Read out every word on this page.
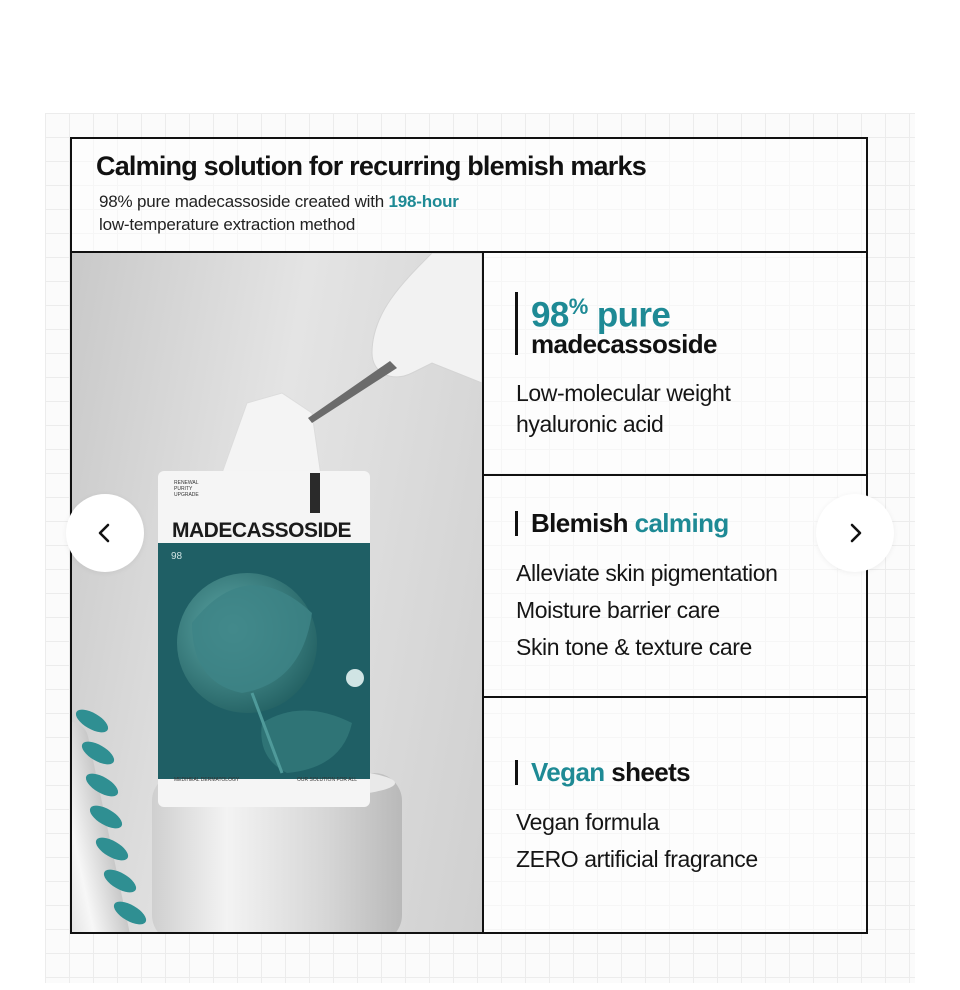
Calming solution for recurring blemish marks

98% pure madecassoside created with 198-hour
low-temperature extraction method

MADECASSOSIDE
RENEWAL PURITY UPGRADE
98
MEDIHEAL DERMATOLOGY	OUR SOLUTION FOR ALL
98% pure
madecassoside
Low-molecular weight
hyaluronic acid
Blemish calming
Alleviate skin pigmentation
Moisture barrier care
Skin tone & texture care
Vegan sheets
Vegan formula
ZERO artificial fragrance
